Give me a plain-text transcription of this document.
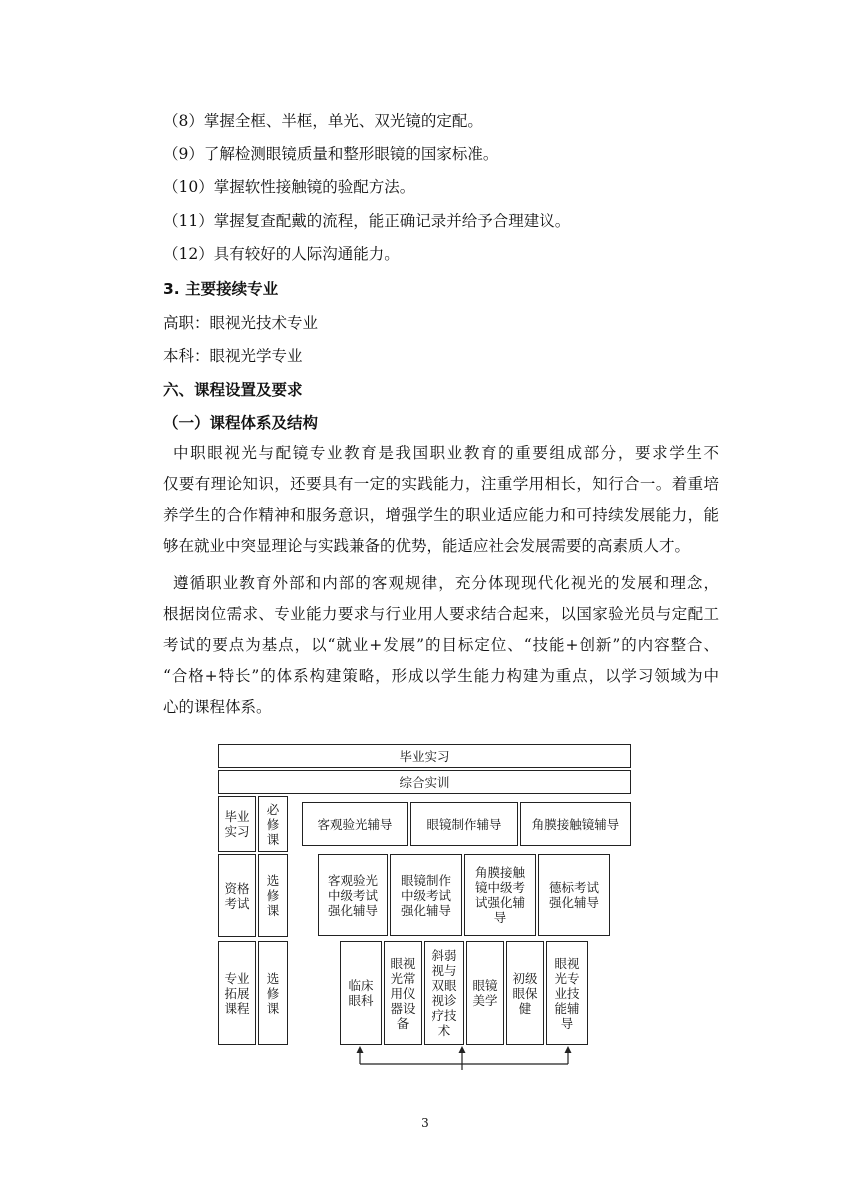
（8）掌握全框、半框，单光、双光镜的定配。
（9）了解检测眼镜质量和整形眼镜的国家标准。
（10）掌握软性接触镜的验配方法。
（11）掌握复查配戴的流程，能正确记录并给予合理建议。
（12）具有较好的人际沟通能力。
3. 主要接续专业
高职：眼视光技术专业
本科：眼视光学专业
六、课程设置及要求
（一）课程体系及结构

中职眼视光与配镜专业教育是我国职业教育的重要组成部分，要求学生不

仅要有理论知识，还要具有一定的实践能力，注重学用相长，知行合一。着重培

养学生的合作精神和服务意识，增强学生的职业适应能力和可持续发展能力，能

够在就业中突显理论与实践兼备的优势，能适应社会发展需要的高素质人才。

遵循职业教育外部和内部的客观规律，充分体现现代化视光的发展和理念，

根据岗位需求、专业能力要求与行业用人要求结合起来，以国家验光员与定配工

考试的要点为基点，以“就业+发展”的目标定位、“技能+创新”的内容整合、

“合格+特长”的体系构建策略，形成以学生能力构建为重点，以学习领域为中

心的课程体系。

毕业实习
综合实训
毕业
实习
必
修
课
客观验光辅导	眼镜制作辅导	角膜接触镜辅导
资格
考试
选
修
课
客观验光
中级考试
强化辅导
眼镜制作
中级考试
强化辅导
角膜接触
镜中级考
试强化辅
导
德标考试
强化辅导
专业
拓展
课程
选
修
课
临床
眼科
眼视
光常
用仪
器设
备
斜弱
视与
双眼
视诊
疗技
术
眼镜
美学
初级
眼保
健
眼视
光专
业技
能辅
导
3
